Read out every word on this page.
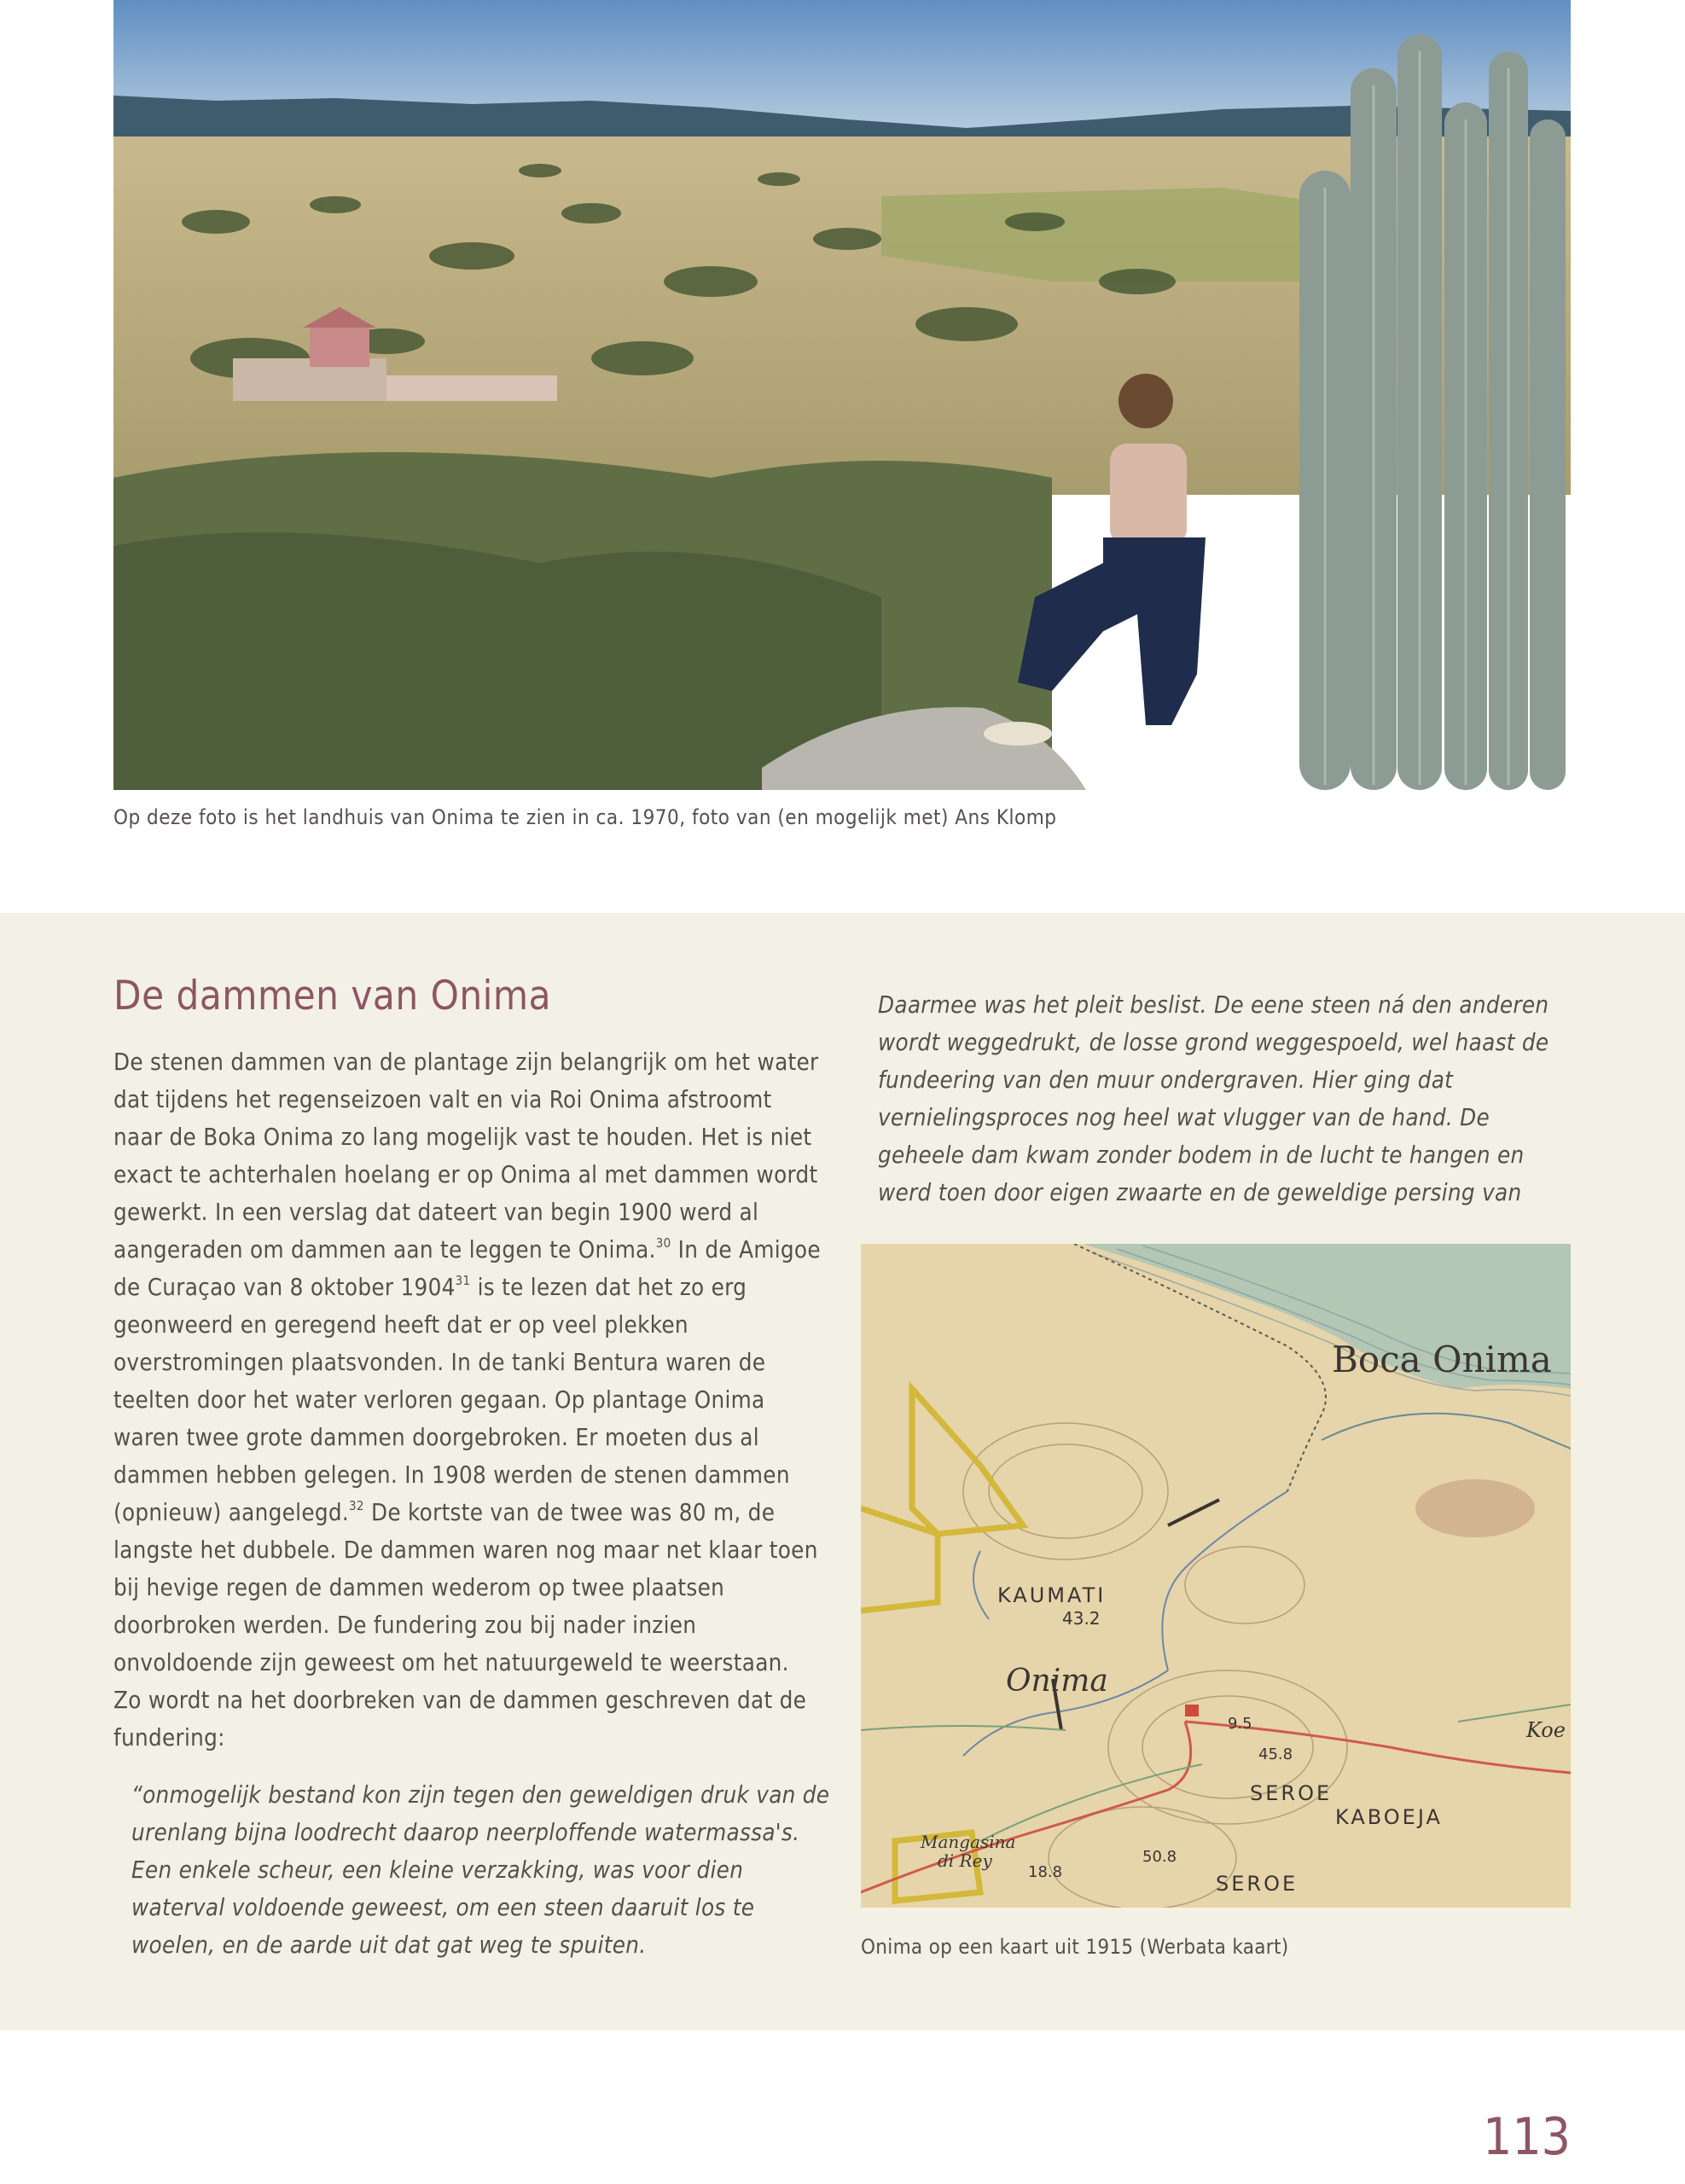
Op deze foto is het landhuis van Onima te zien in ca. 1970, foto van (en mogelijk met) Ans Klomp
De dammen van Onima
De stenen dammen van de plantage zijn belangrijk om het water dat tijdens het regenseizoen valt en via Roi Onima afstroomt naar de Boka Onima zo lang mogelijk vast te houden. Het is niet exact te achterhalen hoelang er op Onima al met dammen wordt gewerkt. In een verslag dat dateert van begin 1900 werd al aangeraden om dammen aan te leggen te Onima.$^{30}$ In de Amigoe de Curaçao van 8 oktober 1904$^{31}$ is te lezen dat het zo erg geonweerd en geregend heeft dat er op veel plekken overstromingen plaatsvonden. In de tanki Bentura waren de teelten door het water verloren gegaan. Op plantage Onima waren twee grote dammen doorgebroken. Er moeten dus al dammen hebben gelegen. In 1908 werden de stenen dammen (opnieuw) aangelegd.$^{32}$ De kortste van de twee was 80 m, de langste het dubbele. De dammen waren nog maar net klaar toen bij hevige regen de dammen wederom op twee plaatsen doorbroken werden. De fundering zou bij nader inzien onvoldoende zijn geweest om het natuurgeweld te weerstaan. Zo wordt na het doorbreken van de dammen geschreven dat de fundering:
“onmogelijk bestand kon zijn tegen den geweldigen druk van de urenlang bijna loodrecht daarop neerploffende watermassa's. Een enkele scheur, een kleine verzakking, was voor dien waterval voldoende geweest, om een steen daaruit los te woelen, en de aarde uit dat gat weg te spuiten.
Daarmee was het pleit beslist. De eene steen ná den anderen wordt weggedrukt, de losse grond weggespoeld, wel haast de fundeering van den muur ondergraven. Hier ging dat vernielingsproces nog heel wat vlugger van de hand. De geheele dam kwam zonder bodem in de lucht te hangen en werd toen door eigen zwaarte en de geweldige persing van
Boca Onima
KAUMATI
43.2
Onima
9.5
45.8
SEROE
KABOEJA
SEROE
50.8
18.8
Mangasina
di Rey
Koe
Onima op een kaart uit 1915 (Werbata kaart)
113
